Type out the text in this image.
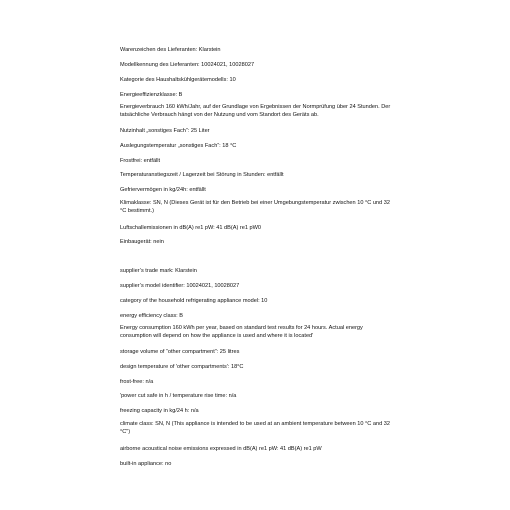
Warenzeichen des Lieferanten: Klarstein
Modellkennung des Lieferanten: 10024021, 10028027
Kategorie des Haushaltskühlgerätemodells: 10
Energieeffizienzklasse: B
Energieverbrauch 160 kWh/Jahr, auf der Grundlage von Ergebnissen der Normprüfung über 24 Stunden. Der tatsächliche Verbrauch hängt von der Nutzung und vom Standort des Geräts ab.
Nutzinhalt „sonstiges Fach“: 25 Liter
Auslegungstemperatur „sonstiges Fach“: 18 °C
Frostfrei: entfällt
Temperaturanstiegszeit / Lagerzeit bei Störung in Stunden: entfällt
Gefriervermögen in kg/24h: entfällt
Klimaklasse: SN, N (Dieses Gerät ist für den Betrieb bei einer Umgebungstemperatur zwischen 10 °C und 32 °C bestimmt.)
Luftschallemissionen in dB(A) re1 pW: 41 dB(A) re1 pW0
Einbaugerät: nein
supplier’s trade mark: Klarstein
supplier’s model identifier: 10024021, 10028027
category of the household refrigerating appliance model: 10
energy efficiency class: B
Energy consumption 160 kWh per year, based on standard test results for 24 hours. Actual energy consumption will depend on how the appliance is used and where it is located'
storage volume of “other compartment”: 25 litres
design temperature of 'other compartments': 18°C
frost-free: n/a
'power cut safe in h / temperature rise time: n/a
freezing capacity in kg/24 h: n/a
climate class: SN, N (This appliance is intended to be used at an ambient temperature between 10 °C and 32 °C")
airborne acoustical noise emissions expressed in dB(A) re1 pW: 41 dB(A) re1 pW
built-in appliance: no
